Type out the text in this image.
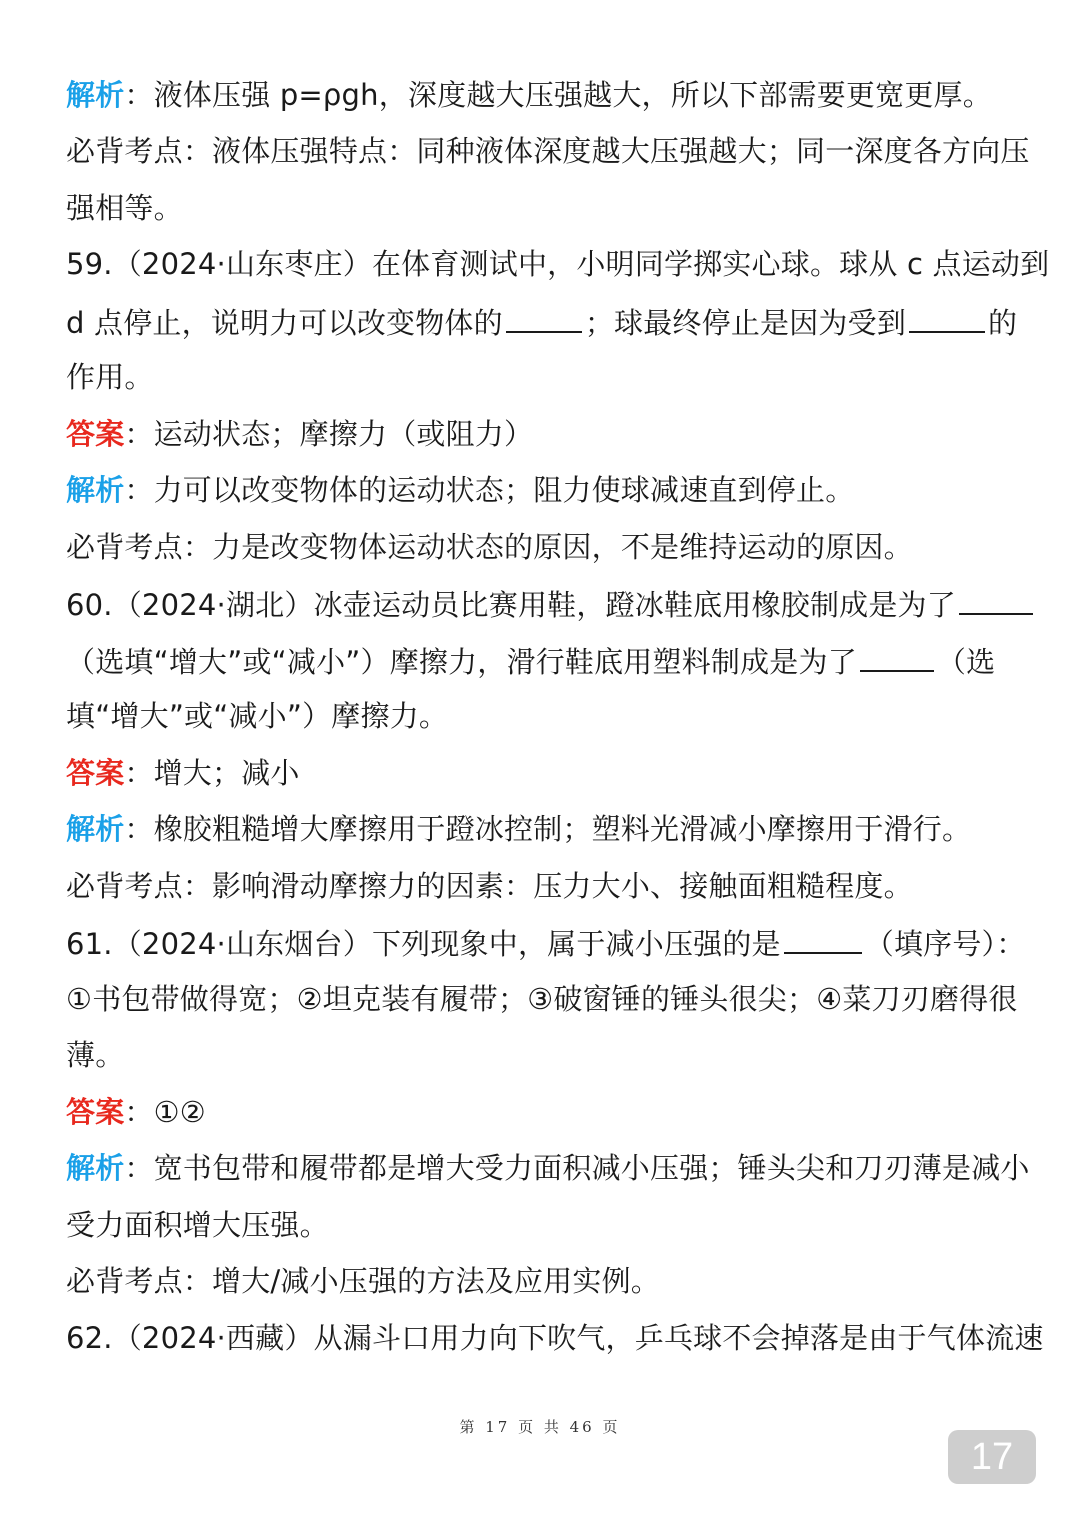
解析：液体压强 p=ρgh，深度越大压强越大，所以下部需要更宽更厚。
必背考点：液体压强特点：同种液体深度越大压强越大；同一深度各方向压
强相等。
59.（2024·山东枣庄）在体育测试中，小明同学掷实心球。球从 c 点运动到
d 点停止，说明力可以改变物体的	；球最终停止是因为受到	的
作用。
答案：运动状态；摩擦力（或阻力）
解析：力可以改变物体的运动状态；阻力使球减速直到停止。
必背考点：力是改变物体运动状态的原因，不是维持运动的原因。
60.（2024·湖北）冰壶运动员比赛用鞋，蹬冰鞋底用橡胶制成是为了
（选填“增大”或“减小”）摩擦力，滑行鞋底用塑料制成是为了	（选
填“增大”或“减小”）摩擦力。
答案：增大；减小
解析：橡胶粗糙增大摩擦用于蹬冰控制；塑料光滑减小摩擦用于滑行。
必背考点：影响滑动摩擦力的因素：压力大小、接触面粗糙程度。
61.（2024·山东烟台）下列现象中，属于减小压强的是	（填序号）：
①书包带做得宽；②坦克装有履带；③破窗锤的锤头很尖；④菜刀刃磨得很
薄。
答案：①②
解析：宽书包带和履带都是增大受力面积减小压强；锤头尖和刀刃薄是减小
受力面积增大压强。
必背考点：增大/减小压强的方法及应用实例。
62.（2024·西藏）从漏斗口用力向下吹气，乒乓球不会掉落是由于气体流速
第 17 页 共 46 页
17
